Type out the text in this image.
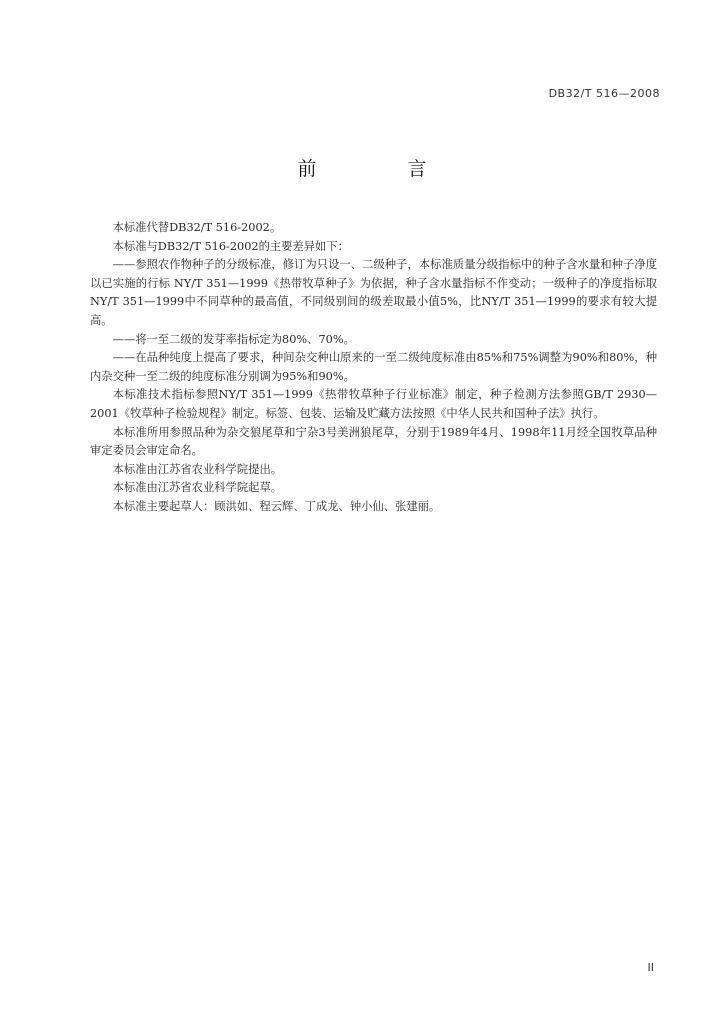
DB32/T 516—2008
前　言

本标准代替DB32/T 516-2002。

本标准与DB32/T 516-2002的主要差异如下：

——参照农作物种子的分级标准，修订为只设一、二级种子，本标准质量分级指标中的种子含水量和种子净度以已实施的行标 NY/T 351—1999《热带牧草种子》为依据，种子含水量指标不作变动；一级种子的净度指标取NY/T 351—1999中不同草种的最高值，不同级别间的级差取最小值5%，比NY/T 351—1999的要求有较大提高。

——将一至二级的发芽率指标定为80%、70%。

——在品种纯度上提高了要求，种间杂交种山原来的一至二级纯度标准由85%和75%调整为90%和80%，种内杂交种一至二级的纯度标准分别调为95%和90%。

本标准技术指标参照NY/T 351—1999《热带牧草种子行业标准》制定，种子检测方法参照GB/T 2930—2001《牧草种子检验规程》制定。标签、包装、运输及贮藏方法按照《中华人民共和国种子法》执行。

本标准所用参照品种为杂交狼尾草和宁杂3号美洲狼尾草，分别于1989年4月、1998年11月经全国牧草品种审定委员会审定命名。

本标准由江苏省农业科学院提出。

本标准由江苏省农业科学院起草。

本标准主要起草人：顾洪如、程云辉、丁成龙、钟小仙、张建丽。

II
